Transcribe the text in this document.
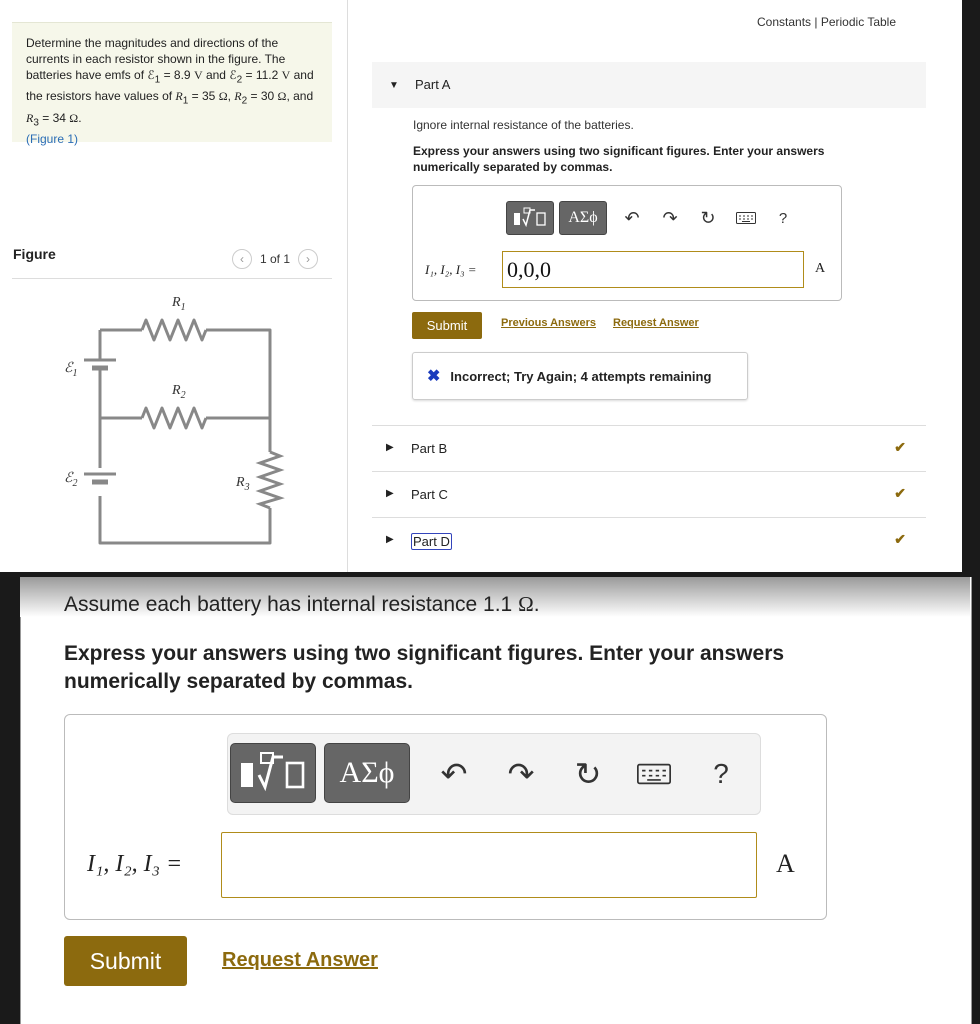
Determine the magnitudes and directions of the currents in each resistor shown in the figure. The batteries have emfs of ℰ$_1$ = 8.9 V and ℰ$_2$ = 11.2 V and the resistors have values of $R_1 = 35$ Ω, $R_2 = 30$ Ω, and $R_3 = 34$ Ω.
(Figure 1)
Figure	‹	1 of 1	›
$R_1$
$R_2$
$R_3$
ℰ$_1$
ℰ$_2$
Constants | Periodic Table
▼ Part A
Ignore internal resistance of the batteries.
Express your answers using two significant figures. Enter your answers numerically separated by commas.
ΑΣϕ	↶ ↷ ↻	?
I₁, I₂, I₃ = 0,0,0	A
Submit	Previous Answers Request Answer
✖ Incorrect; Try Again; 4 attempts remaining
▶ Part B	✔
▶ Part C	✔
▶ Part D	✔
Assume each battery has internal resistance 1.1 Ω.
Express your answers using two significant figures. Enter your answers numerically separated by commas.
ΑΣϕ	↶ ↷ ↻	?
I₁, I₂, I₃ =	A
Submit	Request Answer
